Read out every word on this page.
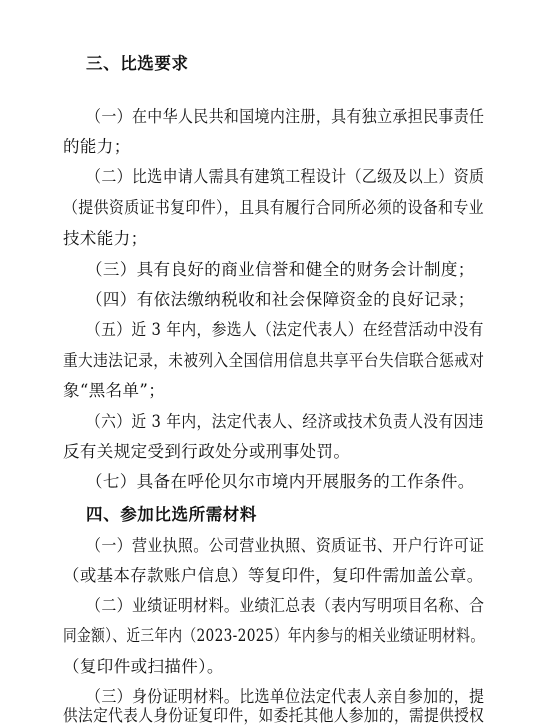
三、比选要求
（一）在中华人民共和国境内注册，具有独立承担民事责任
的能力；
（二）比选申请人需具有建筑工程设计（乙级及以上）资质
（提供资质证书复印件），且具有履行合同所必须的设备和专业
技术能力；
（三）具有良好的商业信誉和健全的财务会计制度；
（四）有依法缴纳税收和社会保障资金的良好记录；
（五）近 3 年内，参选人（法定代表人）在经营活动中没有
重大违法记录，未被列入全国信用信息共享平台失信联合惩戒对
象“黑名单”；
（六）近 3 年内，法定代表人、经济或技术负责人没有因违
反有关规定受到行政处分或刑事处罚。
（七）具备在呼伦贝尔市境内开展服务的工作条件。
四、参加比选所需材料
（一）营业执照。公司营业执照、资质证书、开户行许可证
（或基本存款账户信息）等复印件，复印件需加盖公章。
（二）业绩证明材料。业绩汇总表（表内写明项目名称、合
同金额）、近三年内（2023-2025）年内参与的相关业绩证明材料。
（复印件或扫描件）。
（三）身份证明材料。比选单位法定代表人亲自参加的，提
供法定代表人身份证复印件，如委托其他人参加的，需提供授权
